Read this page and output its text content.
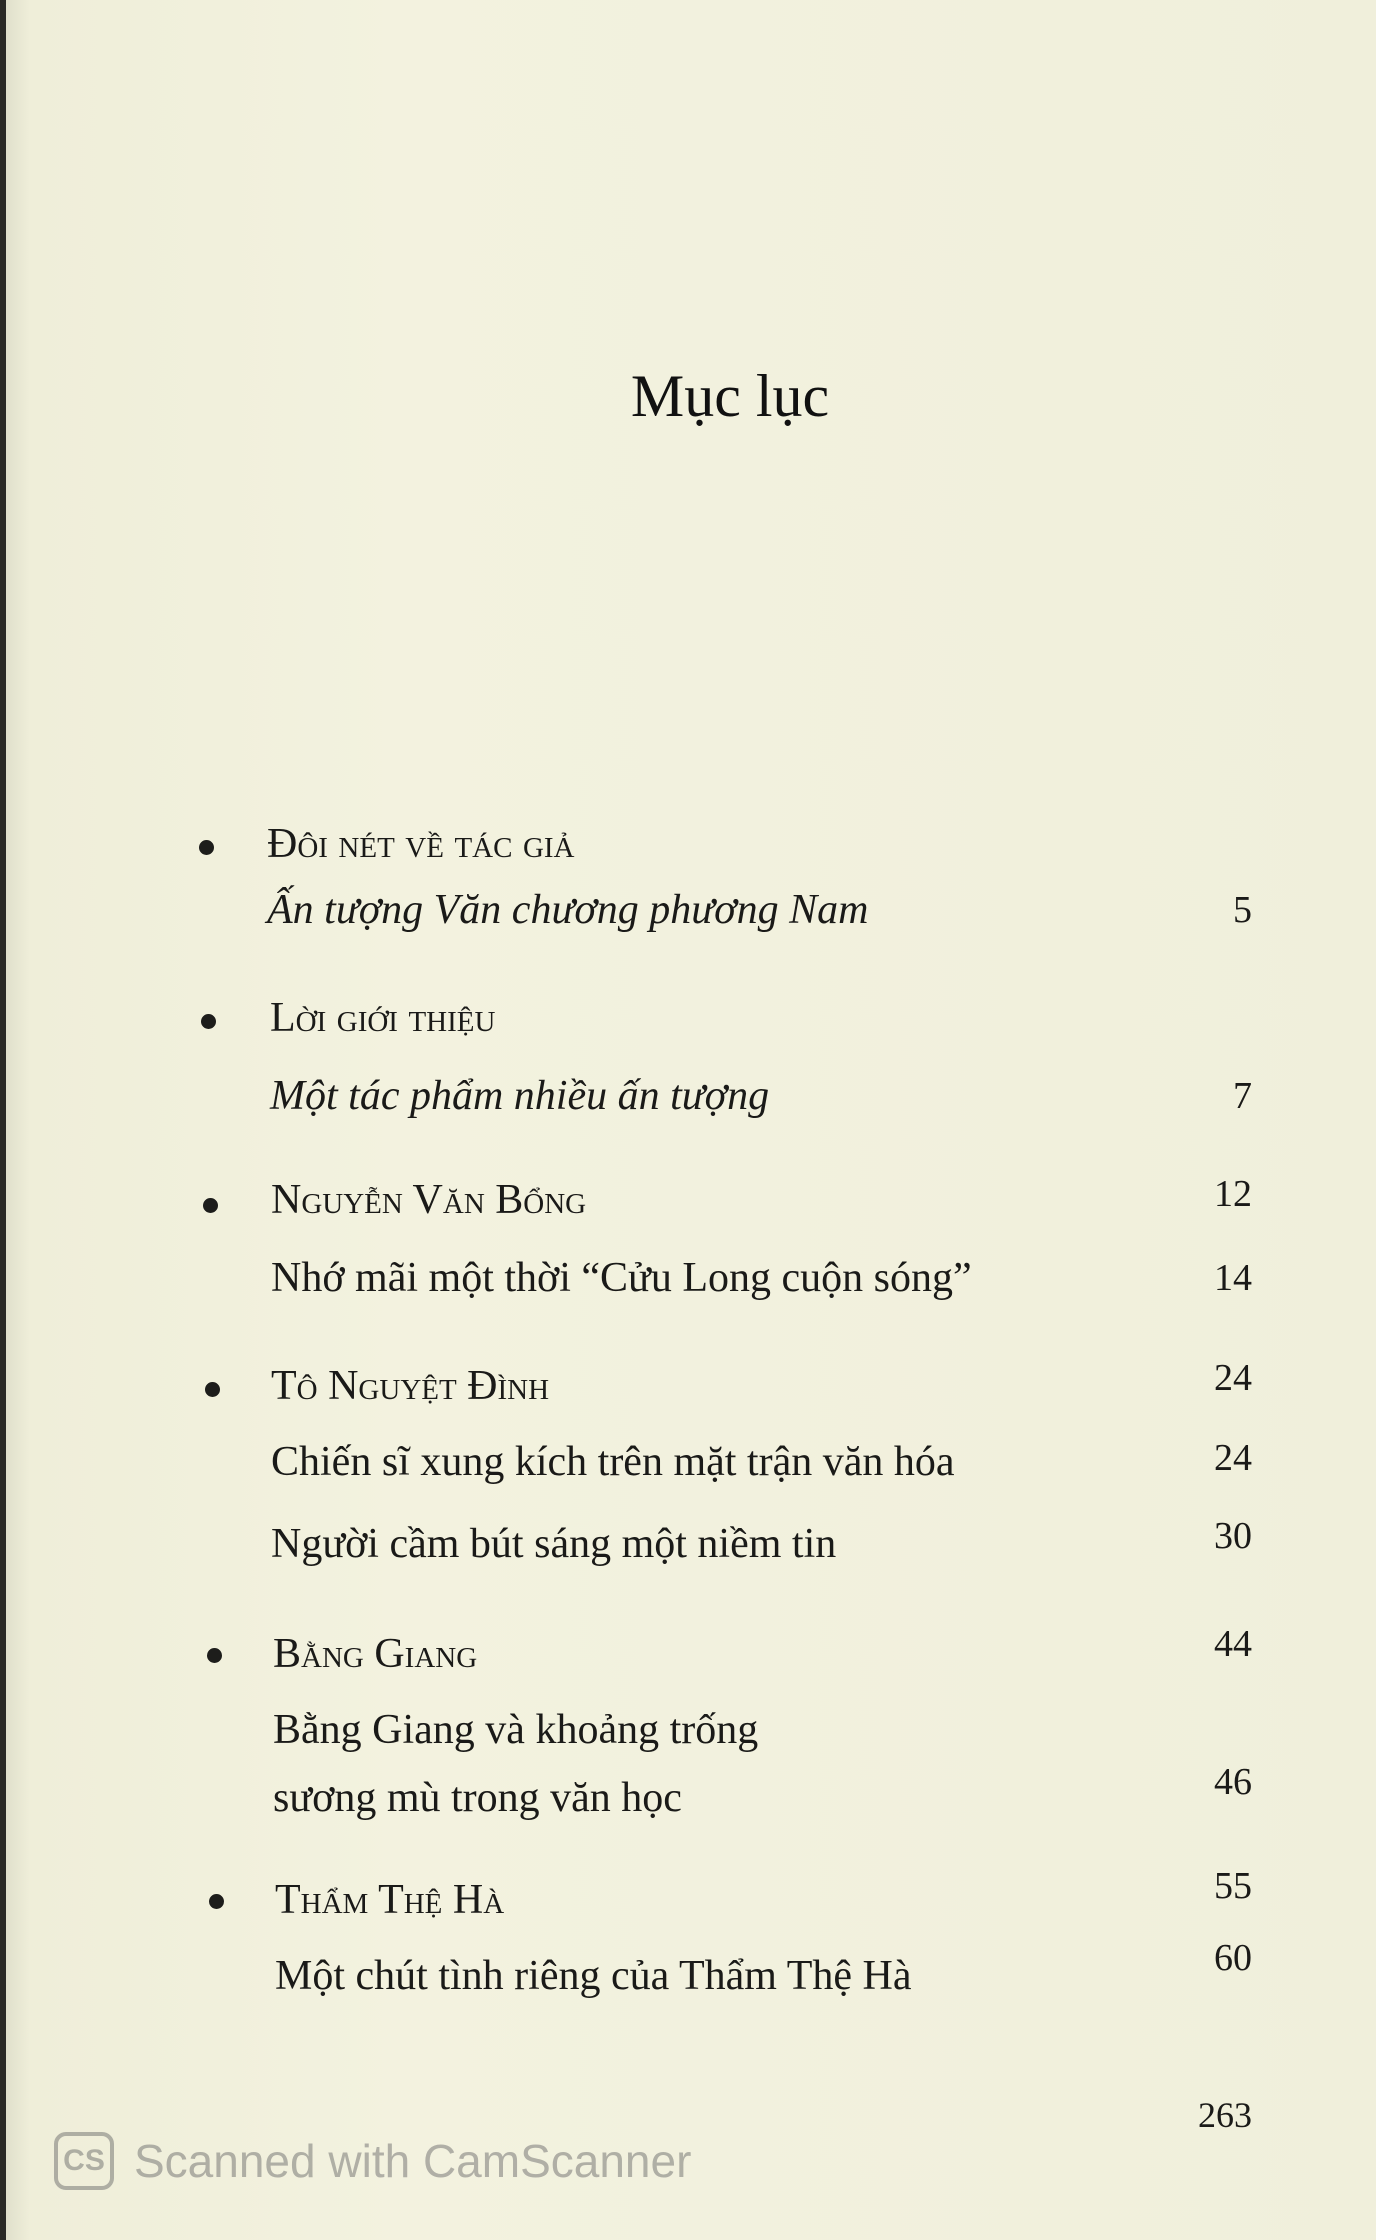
Mục lục
Đôi nét về tác giả
Ấn tượng Văn chương phương Nam	5
Lời giới thiệu
Một tác phẩm nhiều ấn tượng	7
Nguyễn Văn Bổng	12
Nhớ mãi một thời “Cửu Long cuộn sóng”	14
Tô Nguyệt Đình	24
Chiến sĩ xung kích trên mặt trận văn hóa	24
Người cầm bút sáng một niềm tin	30
Bằng Giang	44
Bằng Giang và khoảng trống
sương mù trong văn học	46
Thẩm Thệ Hà	55
Một chút tình riêng của Thẩm Thệ Hà	60
263
CS Scanned with CamScanner
